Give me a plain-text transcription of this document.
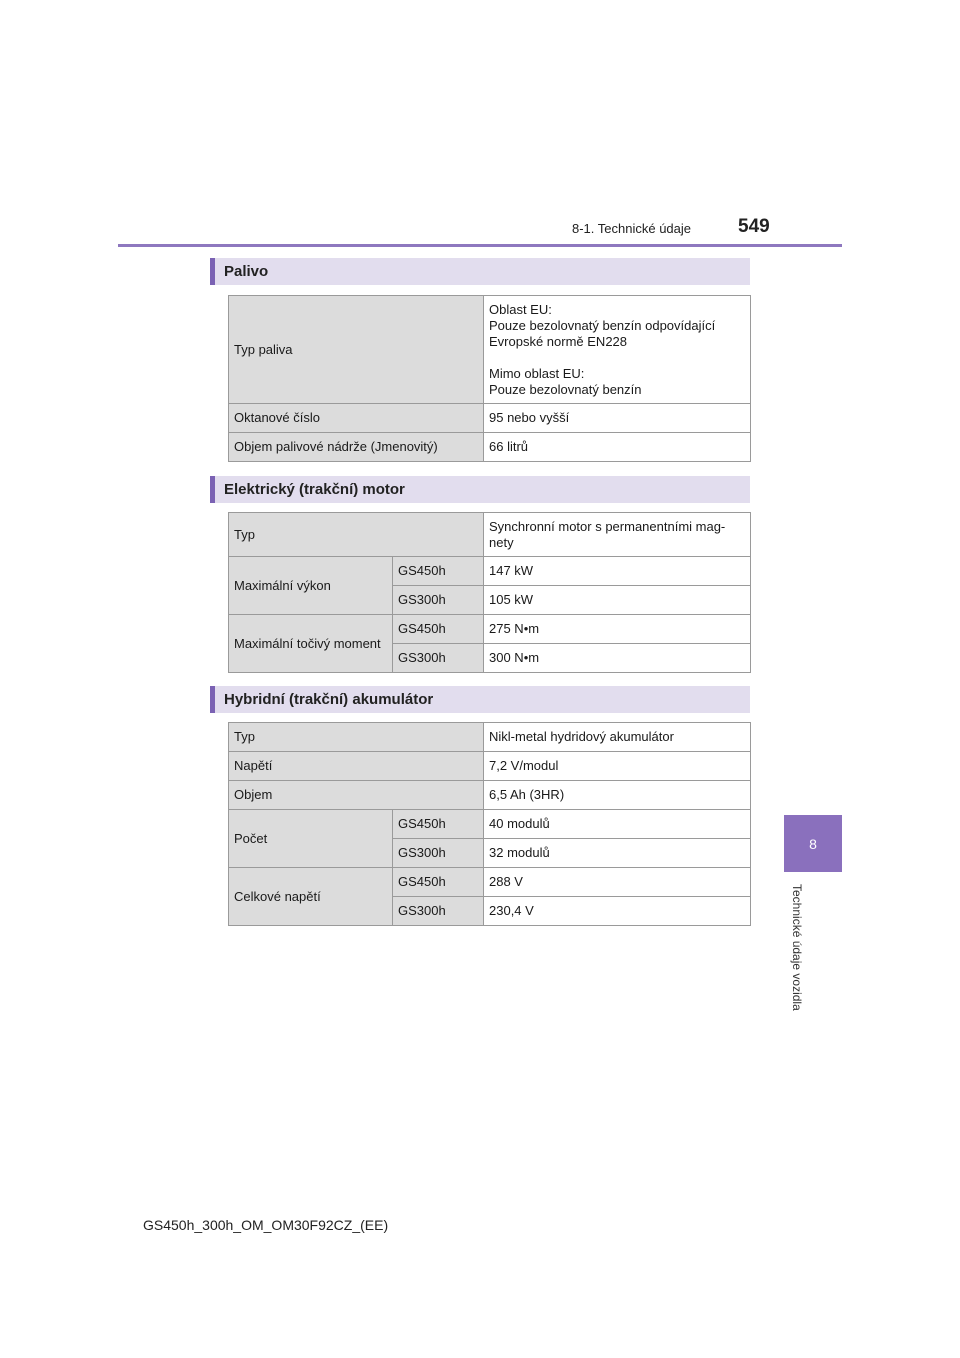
8-1. Technické údaje 549
8
Technické údaje vozidla
Palivo
Typ paliva	Oblast EU:
Pouze bezolovnatý benzín odpovídající
Evropské normě EN228
Mimo oblast EU:
Pouze bezolovnatý benzín

Oktanové číslo	95 nebo vyšší
Objem palivové nádrže (Jmenovitý)	66 litrů
Elektrický (trakční) motor
Typ		Synchronní motor s permanentními mag-nety
Maximální výkon	GS450h	147 kW
	GS300h	105 kW
Maximální točivý moment	GS450h	275 N•m
	GS300h	300 N•m
Hybridní (trakční) akumulátor
Typ		Nikl-metal hydridový akumulátor
Napětí		7,2 V/modul
Objem		6,5 Ah (3HR)
Počet	GS450h	40 modulů
	GS300h	32 modulů
Celkové napětí	GS450h	288 V
	GS300h	230,4 V
GS450h_300h_OM_OM30F92CZ_(EE)
